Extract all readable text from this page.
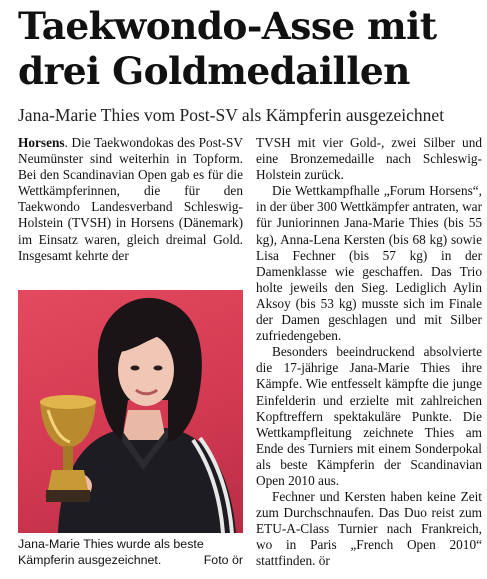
Taekwondo-Asse mit
drei Goldmedaillen
Jana-Marie Thies vom Post-SV als Kämpferin ausgezeichnet

Horsens. Die Taekwondokas des Post-SV Neumünster sind weiterhin in Topform. Bei den Scandinavian Open gab es für die Wettkämpferinnen, die für den Taekwondo Landesverband Schleswig-Holstein (TVSH) in Horsens (Dänemark) im Einsatz waren, gleich dreimal Gold. Insgesamt kehrte der

Jana-Marie Thies wurde als beste
Kämpferin ausgezeichnet.	Foto ör

TVSH mit vier Gold-, zwei Silber und eine Bronzemedaille nach Schleswig-Holstein zurück.

Die Wettkampfhalle „Forum Horsens“, in der über 300 Wettkämpfer antraten, war für Juniorinnen Jana-Marie Thies (bis 55 kg), Anna-Lena Kersten (bis 68 kg) sowie Lisa Fechner (bis 57 kg) in der Damenklasse wie geschaffen. Das Trio holte jeweils den Sieg. Lediglich Aylin Aksoy (bis 53 kg) musste sich im Finale der Damen geschlagen und mit Silber zufriedengeben.

Besonders beeindruckend absolvierte die 17-jährige Jana-Marie Thies ihre Kämpfe. Wie entfesselt kämpfte die junge Einfelderin und erzielte mit zahlreichen Kopftreffern spektakuläre Punkte. Die Wettkampfleitung zeichnete Thies am Ende des Turniers mit einem Sonderpokal als beste Kämpferin der Scandinavian Open 2010 aus.

Fechner und Kersten haben keine Zeit zum Durchschnaufen. Das Duo reist zum ETU-A-Class Turnier nach Frankreich, wo in Paris „French Open 2010“ stattfinden. ör
